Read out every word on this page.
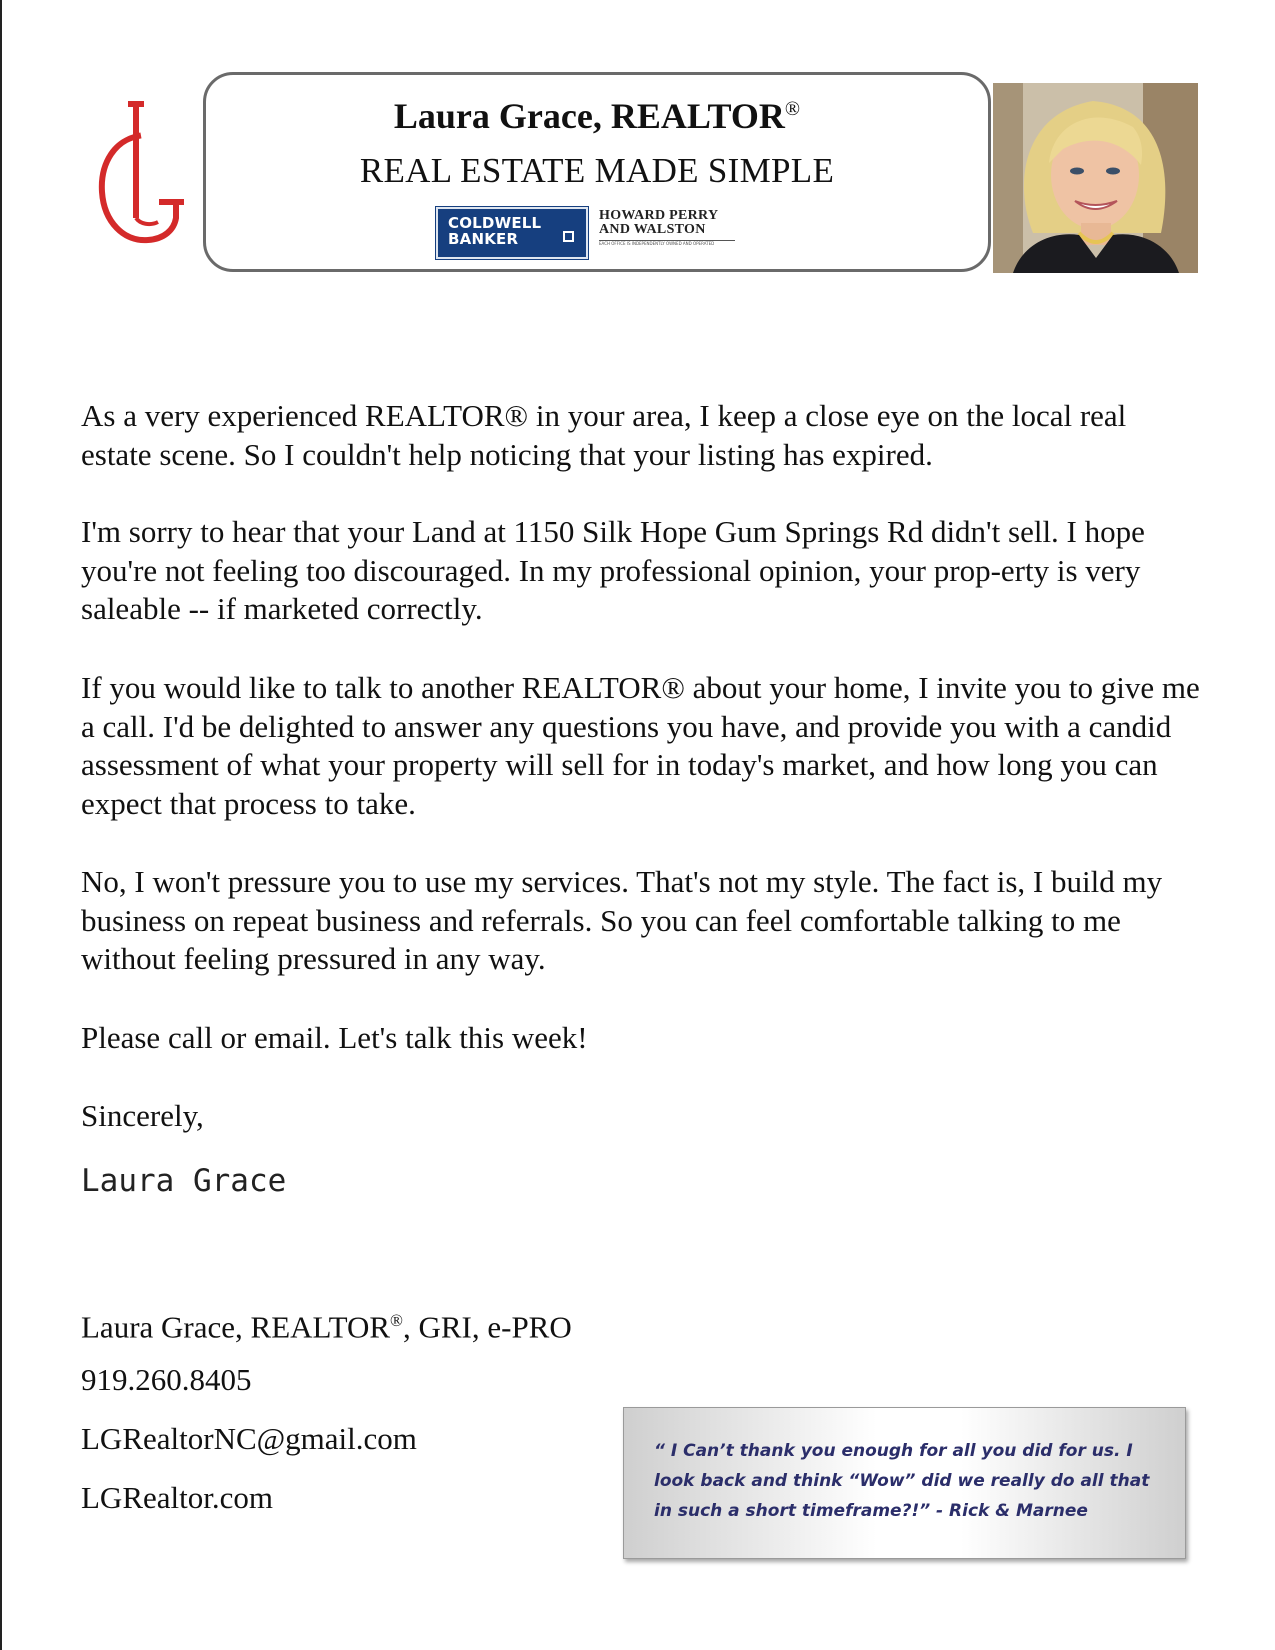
Laura Grace, REALTOR®
REAL ESTATE MADE SIMPLE
COLDWELL
BANKER
HOWARD PERRY
AND WALSTON
EACH OFFICE IS INDEPENDENTLY OWNED AND OPERATED

As a very experienced REALTOR® in your area, I keep a close eye on the local real estate scene. So I couldn't help noticing that your listing has expired.

I'm sorry to hear that your Land at 1150 Silk Hope Gum Springs Rd didn't sell. I hope you're not feeling too discouraged. In my professional opinion, your prop-erty is very saleable -- if marketed correctly.

If you would like to talk to another REALTOR® about your home, I invite you to give me a call. I'd be delighted to answer any questions you have, and provide you with a candid assessment of what your property will sell for in today's market, and how long you can expect that process to take.

No, I won't pressure you to use my services. That's not my style. The fact is, I build my business on repeat business and referrals. So you can feel comfortable talking to me without feeling pressured in any way.

Please call or email. Let's talk this week!

Sincerely,

Laura Grace

Laura Grace, REALTOR®, GRI, e-PRO

919.260.8405

LGRealtorNC@gmail.com

LGRealtor.com

“ I Can’t thank you enough for all you did for us. I look back and think “Wow” did we really do all that in such a short timeframe?!” - Rick & Marnee
